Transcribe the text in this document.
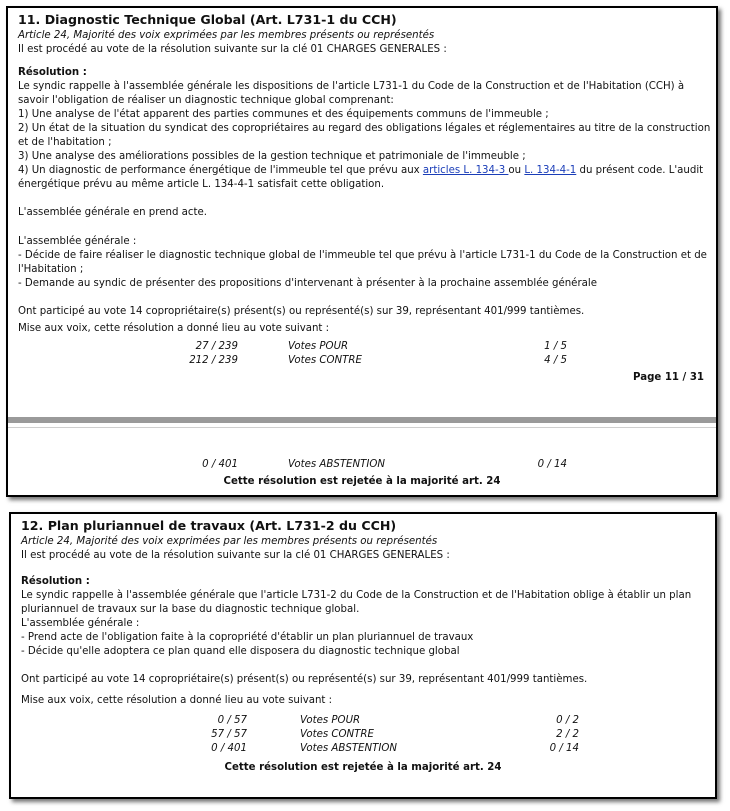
11. Diagnostic Technique Global (Art. L731-1 du CCH)
Article 24, Majorité des voix exprimées par les membres présents ou représentés
Il est procédé au vote de la résolution suivante sur la clé 01 CHARGES GENERALES :
Résolution :
Le syndic rappelle à l'assemblée générale les dispositions de l'article L731-1 du Code de la Construction et de l'Habitation (CCH) à
savoir l'obligation de réaliser un diagnostic technique global comprenant:
1) Une analyse de l'état apparent des parties communes et des équipements communs de l'immeuble ;
2) Un état de la situation du syndicat des copropriétaires au regard des obligations légales et réglementaires au titre de la construction
et de l'habitation ;
3) Une analyse des améliorations possibles de la gestion technique et patrimoniale de l'immeuble ;
4) Un diagnostic de performance énergétique de l'immeuble tel que prévu aux articles L. 134-3 ou L. 134-4-1 du présent code. L'audit
énergétique prévu au même article L. 134-4-1 satisfait cette obligation.
L'assemblée générale en prend acte.
L'assemblée générale :
- Décide de faire réaliser le diagnostic technique global de l'immeuble tel que prévu à l'article L731-1 du Code de la Construction et de
l'Habitation ;
- Demande au syndic de présenter des propositions d'intervenant à présenter à la prochaine assemblée générale
Ont participé au vote 14 copropriétaire(s) présent(s) ou représenté(s) sur 39, représentant 401/999 tantièmes.
Mise aux voix, cette résolution a donné lieu au vote suivant :
27 / 239	Votes POUR	1 / 5
212 / 239	Votes CONTRE	4 / 5
Page 11 / 31
0 / 401	Votes ABSTENTION	0 / 14
Cette résolution est rejetée à la majorité art. 24
12. Plan pluriannuel de travaux (Art. L731-2 du CCH)
Article 24, Majorité des voix exprimées par les membres présents ou représentés
Il est procédé au vote de la résolution suivante sur la clé 01 CHARGES GENERALES :
Résolution :
Le syndic rappelle à l'assemblée générale que l'article L731-2 du Code de la Construction et de l'Habitation oblige à établir un plan
pluriannuel de travaux sur la base du diagnostic technique global.
L'assemblée générale :
- Prend acte de l'obligation faite à la copropriété d'établir un plan pluriannuel de travaux
- Décide qu'elle adoptera ce plan quand elle disposera du diagnostic technique global
Ont participé au vote 14 copropriétaire(s) présent(s) ou représenté(s) sur 39, représentant 401/999 tantièmes.
Mise aux voix, cette résolution a donné lieu au vote suivant :
0 / 57	Votes POUR	0 / 2
57 / 57	Votes CONTRE	2 / 2
0 / 401	Votes ABSTENTION	0 / 14
Cette résolution est rejetée à la majorité art. 24
